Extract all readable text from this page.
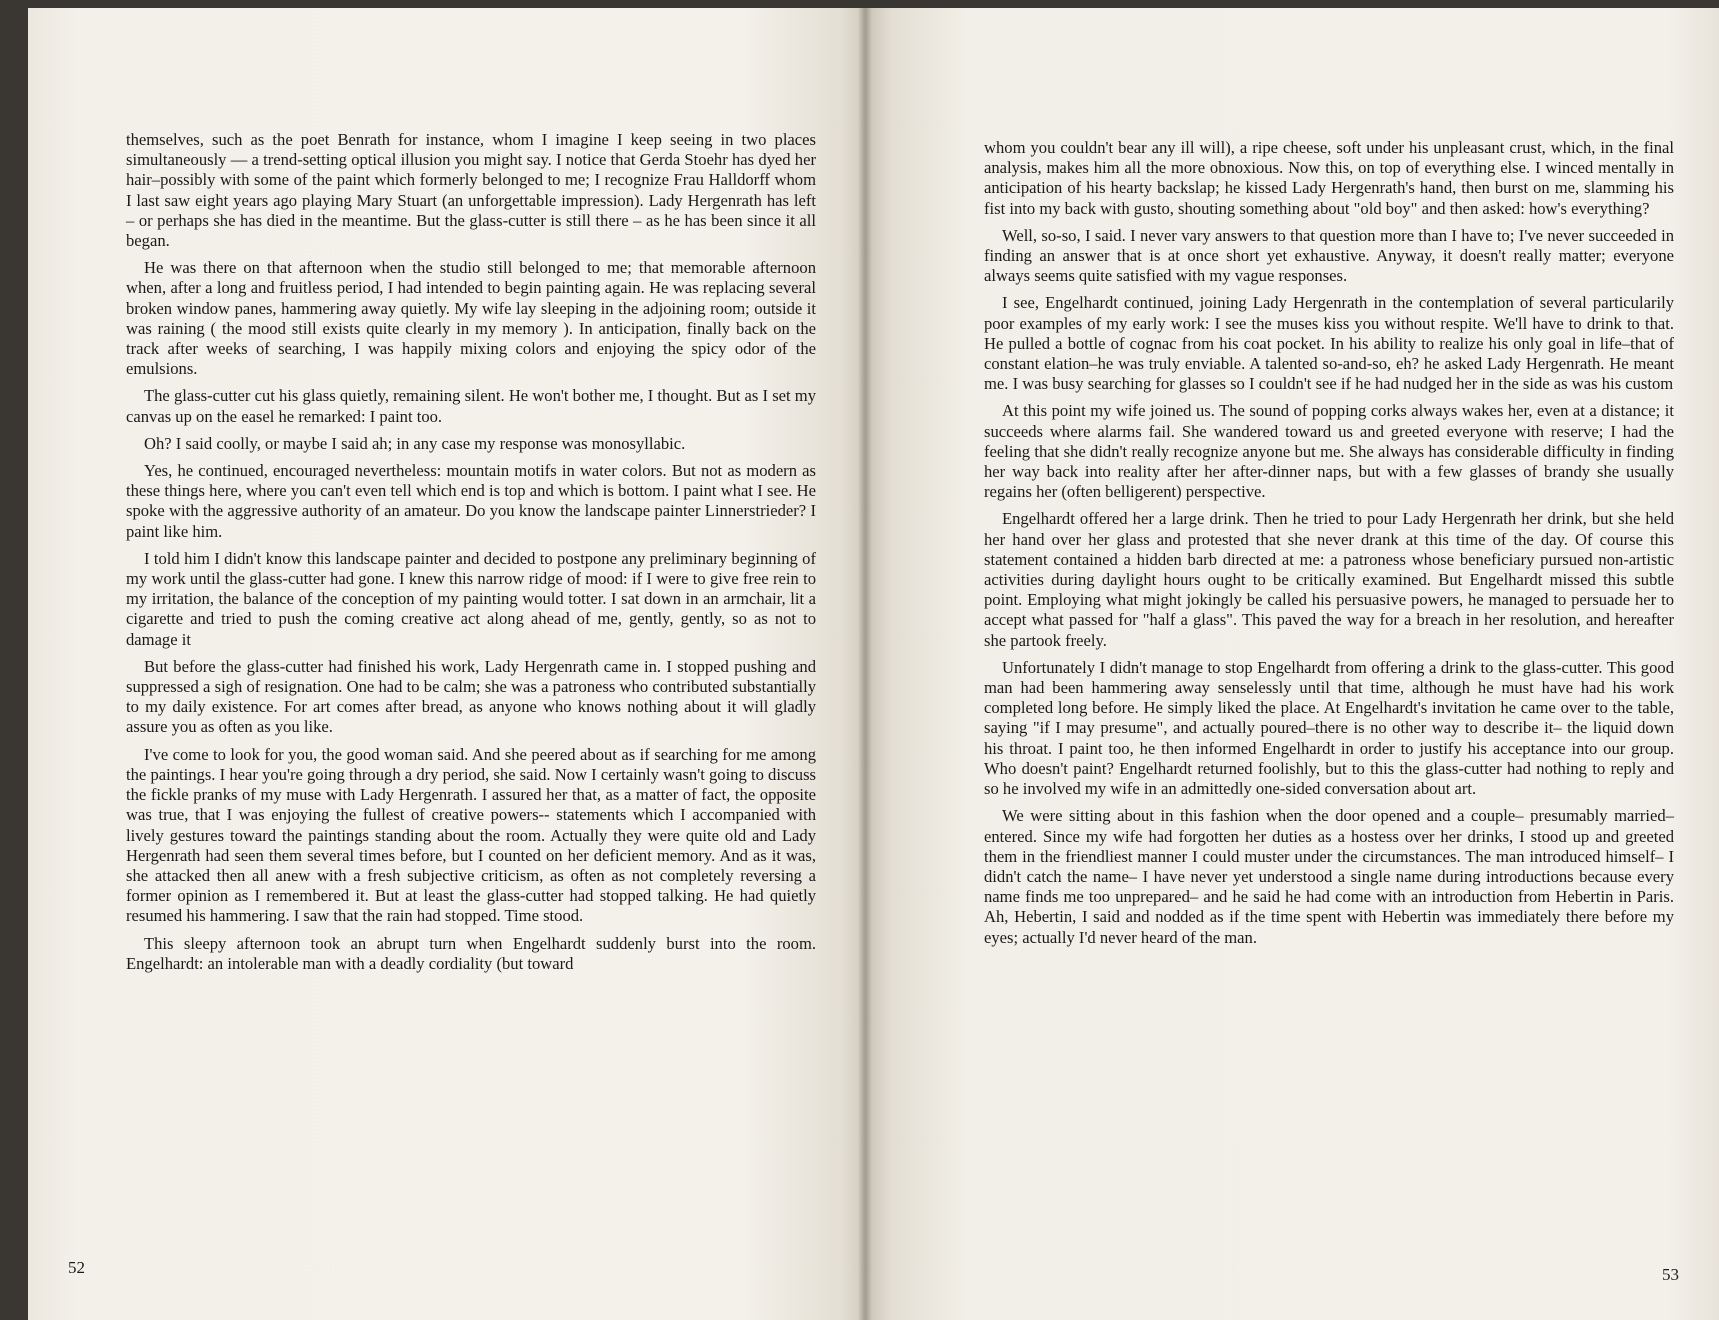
themselves, such as the poet Benrath for instance, whom I imagine I keep seeing in two places simultaneously — a trend-setting optical illusion you might say. I notice that Gerda Stoehr has dyed her hair–possibly with some of the paint which formerly belonged to me; I recognize Frau Halldorff whom I last saw eight years ago playing Mary Stuart (an unforgettable impression). Lady Hergenrath has left – or perhaps she has died in the meantime. But the glass-cutter is still there – as he has been since it all began.

He was there on that afternoon when the studio still belonged to me; that memorable afternoon when, after a long and fruitless period, I had intended to begin painting again. He was replacing several broken window panes, hammering away quietly. My wife lay sleeping in the adjoining room; outside it was raining ( the mood still exists quite clearly in my memory ). In anticipation, finally back on the track after weeks of searching, I was happily mixing colors and enjoying the spicy odor of the emulsions.

The glass-cutter cut his glass quietly, remaining silent. He won't bother me, I thought. But as I set my canvas up on the easel he remarked: I paint too.

Oh? I said coolly, or maybe I said ah; in any case my response was monosyllabic.

Yes, he continued, encouraged nevertheless: mountain motifs in water colors. But not as modern as these things here, where you can't even tell which end is top and which is bottom. I paint what I see. He spoke with the aggressive authority of an amateur. Do you know the landscape painter Linnerstrieder? I paint like him.

I told him I didn't know this landscape painter and decided to postpone any preliminary beginning of my work until the glass-cutter had gone. I knew this narrow ridge of mood: if I were to give free rein to my irritation, the balance of the conception of my painting would totter. I sat down in an armchair, lit a cigarette and tried to push the coming creative act along ahead of me, gently, gently, so as not to damage it

But before the glass-cutter had finished his work, Lady Hergenrath came in. I stopped pushing and suppressed a sigh of resignation. One had to be calm; she was a patroness who contributed substantially to my daily existence. For art comes after bread, as anyone who knows nothing about it will gladly assure you as often as you like.

I've come to look for you, the good woman said. And she peered about as if searching for me among the paintings. I hear you're going through a dry period, she said. Now I certainly wasn't going to discuss the fickle pranks of my muse with Lady Hergenrath. I assured her that, as a matter of fact, the opposite was true, that I was enjoying the fullest of creative powers-- statements which I accompanied with lively gestures toward the paintings standing about the room. Actually they were quite old and Lady Hergenrath had seen them several times before, but I counted on her deficient memory. And as it was, she attacked then all anew with a fresh subjective criticism, as often as not completely reversing a former opinion as I remembered it. But at least the glass-cutter had stopped talking. He had quietly resumed his hammering. I saw that the rain had stopped. Time stood.

This sleepy afternoon took an abrupt turn when Engelhardt suddenly burst into the room. Engelhardt: an intolerable man with a deadly cordiality (but toward

52

whom you couldn't bear any ill will), a ripe cheese, soft under his unpleasant crust, which, in the final analysis, makes him all the more obnoxious. Now this, on top of everything else. I winced mentally in anticipation of his hearty backslap; he kissed Lady Hergenrath's hand, then burst on me, slamming his fist into my back with gusto, shouting something about "old boy" and then asked: how's everything?

Well, so-so, I said. I never vary answers to that question more than I have to; I've never succeeded in finding an answer that is at once short yet exhaustive. Anyway, it doesn't really matter; everyone always seems quite satisfied with my vague responses.

I see, Engelhardt continued, joining Lady Hergenrath in the contemplation of several particularily poor examples of my early work: I see the muses kiss you without respite. We'll have to drink to that. He pulled a bottle of cognac from his coat pocket. In his ability to realize his only goal in life–that of constant elation–he was truly enviable. A talented so-and-so, eh? he asked Lady Hergenrath. He meant me. I was busy searching for glasses so I couldn't see if he had nudged her in the side as was his custom

At this point my wife joined us. The sound of popping corks always wakes her, even at a distance; it succeeds where alarms fail. She wandered toward us and greeted everyone with reserve; I had the feeling that she didn't really recognize anyone but me. She always has considerable difficulty in finding her way back into reality after her after-dinner naps, but with a few glasses of brandy she usually regains her (often belligerent) perspective.

Engelhardt offered her a large drink. Then he tried to pour Lady Hergenrath her drink, but she held her hand over her glass and protested that she never drank at this time of the day. Of course this statement contained a hidden barb directed at me: a patroness whose beneficiary pursued non-artistic activities during daylight hours ought to be critically examined. But Engelhardt missed this subtle point. Employing what might jokingly be called his persuasive powers, he managed to persuade her to accept what passed for "half a glass". This paved the way for a breach in her resolution, and hereafter she partook freely.

Unfortunately I didn't manage to stop Engelhardt from offering a drink to the glass-cutter. This good man had been hammering away senselessly until that time, although he must have had his work completed long before. He simply liked the place. At Engelhardt's invitation he came over to the table, saying "if I may presume", and actually poured–there is no other way to describe it– the liquid down his throat. I paint too, he then informed Engelhardt in order to justify his acceptance into our group. Who doesn't paint? Engelhardt returned foolishly, but to this the glass-cutter had nothing to reply and so he involved my wife in an admittedly one-sided conversation about art.

We were sitting about in this fashion when the door opened and a couple– presumably married– entered. Since my wife had forgotten her duties as a hostess over her drinks, I stood up and greeted them in the friendliest manner I could muster under the circumstances. The man introduced himself– I didn't catch the name– I have never yet understood a single name during introductions because every name finds me too unprepared– and he said he had come with an introduction from Hebertin in Paris. Ah, Hebertin, I said and nodded as if the time spent with Hebertin was immediately there before my eyes; actually I'd never heard of the man.

53
